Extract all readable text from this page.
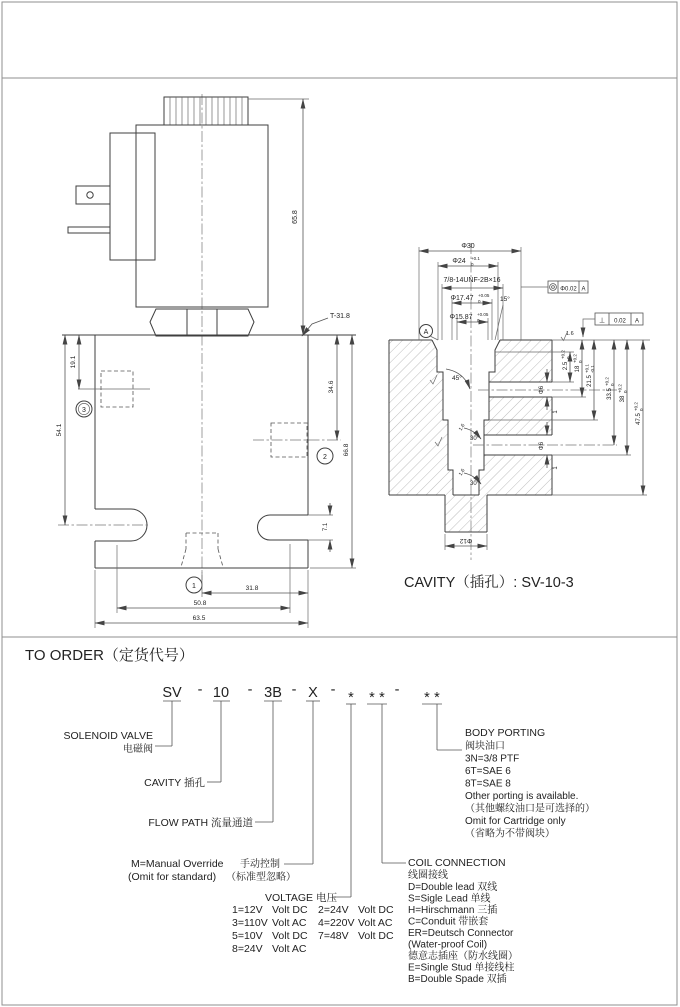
65.8
T-31.8
3
2
1
19.1
54.1
34.6
66.8
7.1
31.8
50.8
63.5
Φ30
Φ24 +0.1
0
7/8-14UNF-2B×16
Φ17.47 +0.05
0	15°
Φ15.87 +0.05
0
A
Φ0.02 A
⊥ 0.02 A
2.5
+0.2 0
18
+0.2 0
21.5
+0.1 -0.1
33.5
+0.2 0
38
+0.2 0
47.5
+0.2 0
Φ6
Φ6
1
1
45°
30°
1.6
30°
1.6
1.6
Φ12
CAVITY（插孔）: SV-10-3
TO ORDER（定货代号）
SV - 10 - 3B - X - * * * - * *
SOLENOID VALVE
电磁阀
CAVITY 插孔
FLOW PATH 流量通道
M=Manual Override 手动控制
(Omit for standard) （标准型忽略）
VOLTAGE 电压
1=12V Volt DC 2=24V Volt DC
3=110V Volt AC 4=220V Volt AC
5=10V Volt DC 7=48V Volt DC
8=24V Volt AC
COIL CONNECTION
线圈接线
D=Double lead 双线
S=Sigle Lead 单线
H=Hirschmann 三插
C=Conduit 带嵌套
ER=Deutsch Connector
(Water-proof Coil)
德意志插座（防水线圈）
E=Single Stud 单接线柱
B=Double Spade 双插
BODY PORTING
阀块油口
3N=3/8 PTF
6T=SAE 6
8T=SAE 8
Other porting is available.
（其他螺纹油口是可选择的）
Omit for Cartridge only
（省略为不带阀块）
